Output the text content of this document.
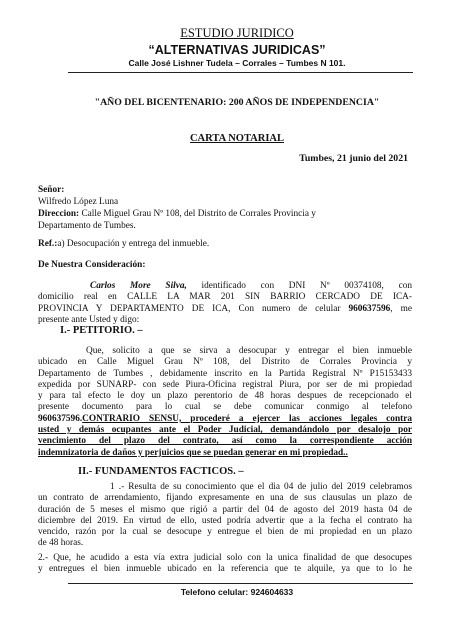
ESTUDIO JURIDICO
“ALTERNATIVAS JURIDICAS”
Calle José Lishner Tudela – Corrales – Tumbes N 101.
"AÑO DEL BICENTENARIO: 200 AÑOS DE INDEPENDENCIA"
CARTA NOTARIAL
Tumbes, 21 junio del 2021
Señor:
Wilfredo López Luna
Direccion: Calle Miguel Grau Nº 108, del Distrito de Corrales Provincia y
Departamento de Tumbes.
Ref.:a) Desocupación y entrega del inmueble.
De Nuestra Consideración:
Carlos More Silva, identificado con DNI Nº 00374108, con
domicilio real en CALLE LA MAR 201 SIN BARRIO CERCADO DE ICA-
PROVINCIA Y DEPARTAMENTO DE ICA, Con numero de celular 960637596, me
presente ante Usted y digo:
I.- PETITORIO. –
Que, solicito a que se sirva a desocupar y entregar el bien inmueble
ubicado en Calle Miguel Grau Nº 108, del Distrito de Corrales Provincia y
Departamento de Tumbes , debidamente inscrito en la Partida Registral Nº P15153433
expedida por SUNARP- con sede Piura-Oficina registral Piura, por ser de mi propiedad
y para tal efecto le doy un plazo perentorio de 48 horas despues de recepcionado el
presente documento para lo cual se debe comunicar conmigo al telefono
960637596.CONTRARIO SENSU, procederé a ejercer las acciones legales contra
usted y demás ocupantes ante el Poder Judicial, demandándolo por desalojo por
vencimiento del plazo del contrato, así como la correspondiente acción
indemnizatoria de daños y perjuicios que se puedan generar en mi propiedad..
II.- FUNDAMENTOS FACTICOS. –
1 .- Resulta de su conocimiento que el dia 04 de julio del 2019 celebramos
un contrato de arrendamiento, fijando expresamente en una de sus clausulas un plazo de
duración de 5 meses el mismo que rigió a partir del 04 de agosto del 2019 hasta 04 de
diciembre del 2019. En virtud de ello, usted podría advertir que a la fecha el contrato ha
vencido, razón por la cual se desocupe y entregue el bien de mi propiedad en un plazo
de 48 horas.
2.- Que, he acudido a esta vía extra judicial solo con la unica finalidad de que desocupes
y entregues el bien inmueble ubicado en la referencia que te alquile, ya que to lo he
Telefono celular: 924604633
